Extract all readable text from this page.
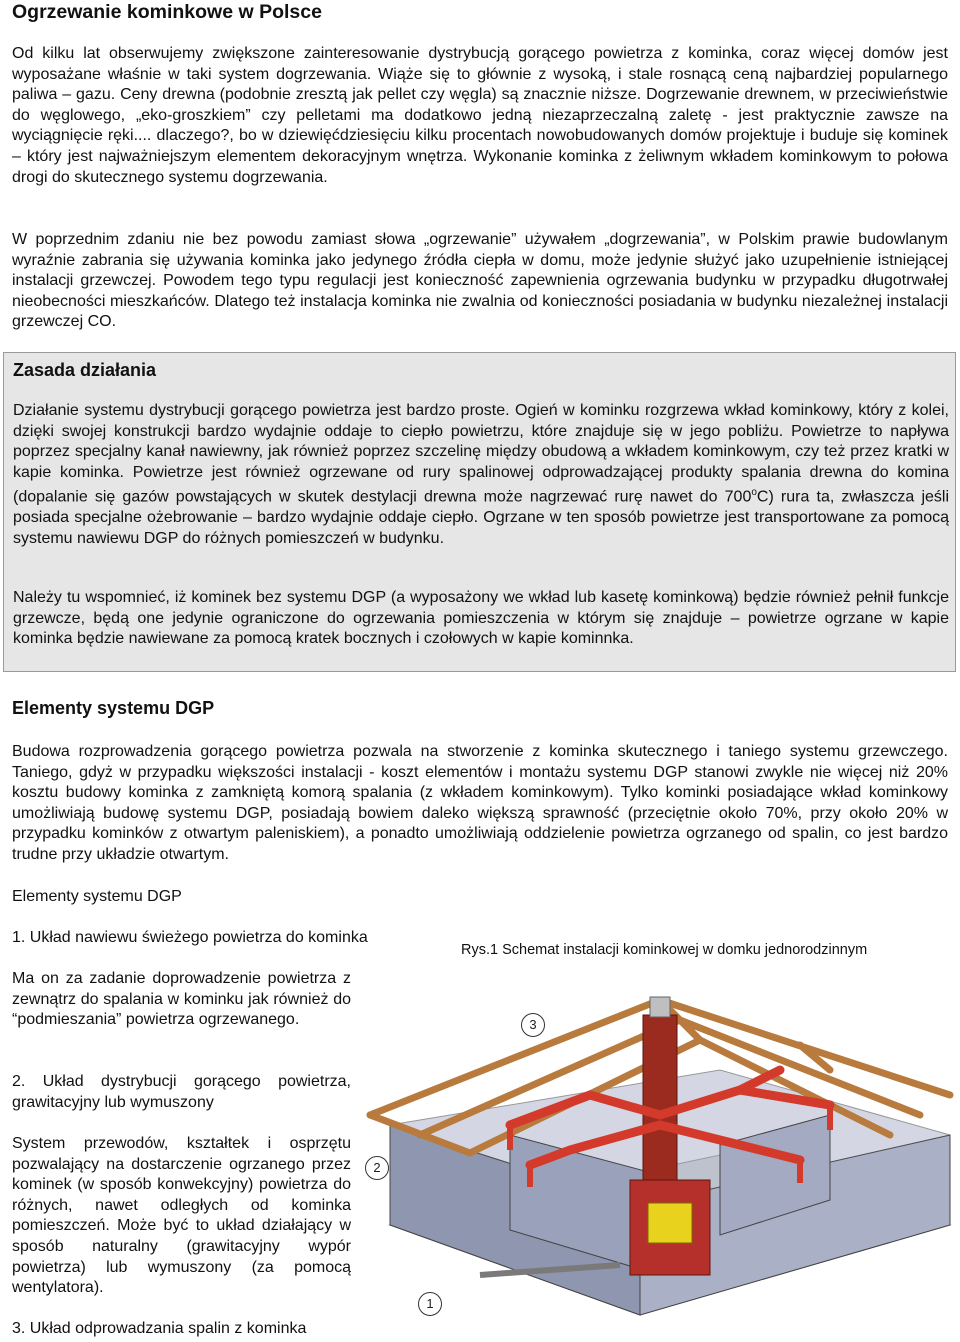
Ogrzewanie kominkowe w Polsce

Od kilku lat obserwujemy zwiększone zainteresowanie dystrybucją gorącego powietrza z kominka, coraz więcej domów jest wyposażane właśnie w taki system dogrzewania. Wiąże się to głównie z wysoką, i stale rosnącą ceną najbardziej popularnego paliwa – gazu. Ceny drewna (podobnie zresztą jak pellet czy węgla) są znacznie niższe. Dogrzewanie drewnem, w przeciwieństwie do węglowego, „eko-groszkiem” czy pelletami ma dodatkowo jedną niezaprzeczalną zaletę - jest praktycznie zawsze na wyciągnięcie ręki.... dlaczego?, bo w dziewięćdziesięciu kilku procentach nowobudowanych domów projektuje i buduje się kominek – który jest najważniejszym elementem dekoracyjnym wnętrza. Wykonanie kominka z żeliwnym wkładem kominkowym to połowa drogi do skutecznego systemu dogrzewania.

W poprzednim zdaniu nie bez powodu zamiast słowa „ogrzewanie” używałem „dogrzewania”, w Polskim prawie budowlanym wyraźnie zabrania się używania kominka jako jedynego źródła ciepła w domu, może jedynie służyć jako uzupełnienie istniejącej instalacji grzewczej. Powodem tego typu regulacji jest konieczność zapewnienia ogrzewania budynku w przypadku długotrwałej nieobecności mieszkańców. Dlatego też instalacja kominka nie zwalnia od konieczności posiadania w budynku niezależnej instalacji grzewczej CO.

Zasada działania

Działanie systemu dystrybucji gorącego powietrza jest bardzo proste. Ogień w kominku rozgrzewa wkład kominkowy, który z kolei, dzięki swojej konstrukcji bardzo wydajnie oddaje to ciepło powietrzu, które znajduje się w jego pobliżu. Powietrze to napływa poprzez specjalny kanał nawiewny, jak również poprzez szczelinę między obudową a wkładem kominkowym, czy też przez kratki w kapie kominka. Powietrze jest również ogrzewane od rury spalinowej odprowadzającej produkty spalania drewna do komina (dopalanie się gazów powstających w skutek destylacji drewna może nagrzewać rurę nawet do 700$^o$C) rura ta, zwłaszcza jeśli posiada specjalne ożebrowanie – bardzo wydajnie oddaje ciepło. Ogrzane w ten sposób powietrze jest transportowane za pomocą systemu nawiewu DGP do różnych pomieszczeń w budynku.

Należy tu wspomnieć, iż kominek bez systemu DGP (a wyposażony we wkład lub kasetę kominkową) będzie również pełnił funkcje grzewcze, będą one jedynie ograniczone do ogrzewania pomieszczenia w którym się znajduje – powietrze ogrzane w kapie kominka będzie nawiewane za pomocą kratek bocznych i czołowych w kapie kominnka.

Elementy systemu DGP

Budowa rozprowadzenia gorącego powietrza pozwala na stworzenie z kominka skutecznego i taniego systemu grzewczego. Taniego, gdyż w przypadku większości instalacji - koszt elementów i montażu systemu DGP stanowi zwykle nie więcej niż 20% kosztu budowy kominka z zamkniętą komorą spalania (z wkładem kominkowym). Tylko kominki posiadające wkład kominkowy umożliwiają budowę systemu DGP, posiadają bowiem daleko większą sprawność (przeciętnie około 70%, przy około 20% w przypadku kominków z otwartym paleniskiem), a ponadto umożliwiają oddzielenie powietrza ogrzanego od spalin, co jest bardzo trudne przy układzie otwartym.

Elementy systemu DGP

1. Układ nawiewu świeżego powietrza do kominka

Ma on za zadanie doprowadzenie powietrza z zewnątrz do spalania w kominku jak również do “podmieszania” powietrza ogrzewanego.

2. Układ dystrybucji gorącego powietrza, grawitacyjny lub wymuszony

System przewodów, kształtek i osprzętu pozwalający na dostarczenie ogrzanego przez kominek (w sposób konwekcyjny) powietrza do różnych, nawet odległych od kominka pomieszczeń. Może być to układ działający w sposób naturalny (grawitacyjny wypór powietrza) lub wymuszony (za pomocą wentylatora).

3. Układ odprowadzania spalin z kominka

Rys.1 Schemat instalacji kominkowej w domku jednorodzinnym

1
2
3
